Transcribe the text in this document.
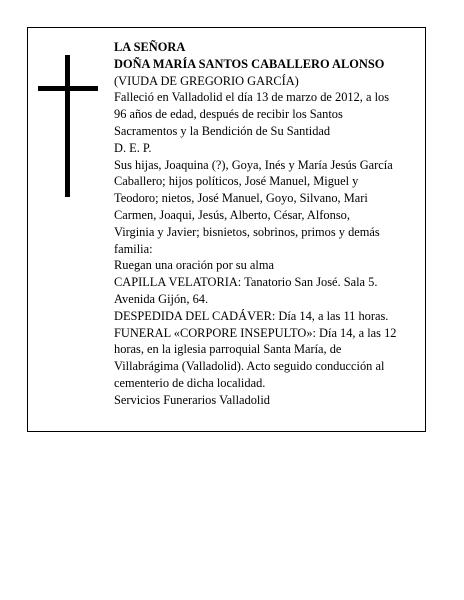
LA SEÑORA
DOÑA MARÍA SANTOS CABALLERO ALONSO
(VIUDA DE GREGORIO GARCÍA)
Falleció en Valladolid el día 13 de marzo de 2012, a los
96 años de edad, después de recibir los Santos
Sacramentos y la Bendición de Su Santidad
D. E. P.
Sus hijas, Joaquina (?), Goya, Inés y María Jesús García
Caballero; hijos políticos, José Manuel, Miguel y
Teodoro; nietos, José Manuel, Goyo, Silvano, Mari
Carmen, Joaqui, Jesús, Alberto, César, Alfonso,
Virginia y Javier; bisnietos, sobrinos, primos y demás
familia:
Ruegan una oración por su alma
CAPILLA VELATORIA: Tanatorio San José. Sala 5.
Avenida Gijón, 64.
DESPEDIDA DEL CADÁVER: Día 14, a las 11 horas.
FUNERAL «CORPORE INSEPULTO»: Día 14, a las 12
horas, en la iglesia parroquial Santa María, de
Villabrágima (Valladolid). Acto seguido conducción al
cementerio de dicha localidad.
Servicios Funerarios Valladolid
